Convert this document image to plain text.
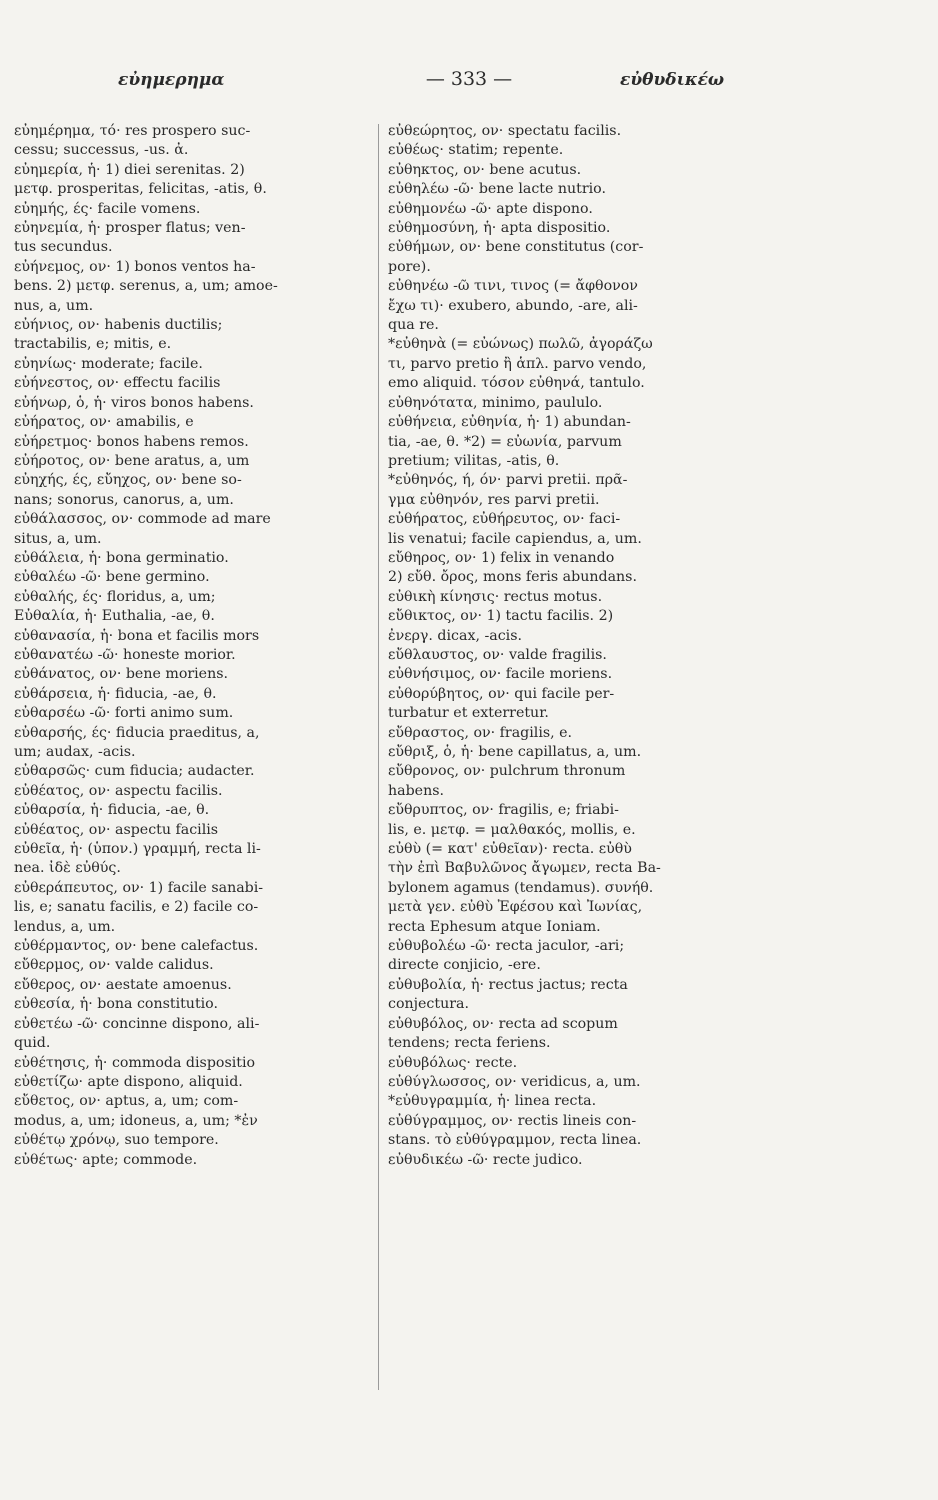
εὐημερημα	— 333 —	εὐθυδικέω
εὐημέρημα, τό· res prospero suc-
cessu; successus, -us. ἀ.
εὐημερία, ἡ· 1) diei serenitas. 2)
μετφ. prosperitas, felicitas, -atis, θ.
εὐημής, ές· facile vomens.
εὐηνεμία, ἡ· prosper flatus; ven-
tus secundus.
εὐήνεμος, ον· 1) bonos ventos ha-
bens. 2) μετφ. serenus, a, um; amoe-
nus, a, um.
εὐήνιος, ον· habenis ductilis;
tractabilis, e; mitis, e.
εὐηνίως· moderate; facile.
εὐήνεστος, ον· effectu facilis
εὐήνωρ, ὁ, ἡ· viros bonos habens.
εὐήρατος, ον· amabilis, e
εὐήρετμος· bonos habens remos.
εὐήροτος, ον· bene aratus, a, um
εὐηχής, ές, εὔηχος, ον· bene so-
nans; sonorus, canorus, a, um.
εὐθάλασσος, ον· commode ad mare
situs, a, um.
εὐθάλεια, ἡ· bona germinatio.
εὐθαλέω -ῶ· bene germino.
εὐθαλής, ές· floridus, a, um;
Εὐθαλία, ἡ· Euthalia, -ae, θ.
εὐθανασία, ἡ· bona et facilis mors
εὐθανατέω -ῶ· honeste morior.
εὐθάνατος, ον· bene moriens.
εὐθάρσεια, ἡ· fiducia, -ae, θ.
εὐθαρσέω -ῶ· forti animo sum.
εὐθαρσής, ές· fiducia praeditus, a,
um; audax, -acis.
εὐθαρσῶς· cum fiducia; audacter.
εὐθέατος, ον· aspectu facilis.
εὐθαρσία, ἡ· fiducia, -ae, θ.
εὐθέατος, ον· aspectu facilis
εὐθεῖα, ἡ· (ὑπον.) γραμμή, recta li-
nea. ἰδὲ εὐθύς.
εὐθεράπευτος, ον· 1) facile sanabi-
lis, e; sanatu facilis, e 2) facile co-
lendus, a, um.
εὐθέρμαντος, ον· bene calefactus.
εὔθερμος, ον· valde calidus.
εὔθερος, ον· aestate amoenus.
εὐθεσία, ἡ· bona constitutio.
εὐθετέω -ῶ· concinne dispono, ali-
quid.
εὐθέτησις, ἡ· commoda dispositio
εὐθετίζω· apte dispono, aliquid.
εὔθετος, ον· aptus, a, um; com-
modus, a, um; idoneus, a, um; *ἐν
εὐθέτῳ χρόνῳ, suo tempore.
εὐθέτως· apte; commode.
εὐθεώρητος, ον· spectatu facilis.
εὐθέως· statim; repente.
εὐθηκτος, ον· bene acutus.
εὐθηλέω -ῶ· bene lacte nutrio.
εὐθημονέω -ῶ· apte dispono.
εὐθημοσύνη, ἡ· apta dispositio.
εὐθήμων, ον· bene constitutus (cor-
pore).
εὐθηνέω -ῶ τινι, τινος (= ἄφθονον
ἔχω τι)· exubero, abundo, -are, ali-
qua re.
*εὐθηνὰ (= εὐώνως) πωλῶ, ἀγοράζω
τι, parvo pretio ἢ ἁπλ. parvo vendo,
emo aliquid. τόσον εὐθηνά, tantulo.
εὐθηνότατα, minimo, paululo.
εὐθήνεια, εὐθηνία, ἡ· 1) abundan-
tia, -ae, θ. *2) = εὐωνία, parvum
pretium; vilitas, -atis, θ.
*εὐθηνός, ή, όν· parvi pretii. πρᾶ-
γμα εὐθηνόν, res parvi pretii.
εὐθήρατος, εὐθήρευτος, ον· faci-
lis venatui; facile capiendus, a, um.
εὔθηρος, ον· 1) felix in venando
2) εὔθ. ὄρος, mons feris abundans.
εὐθικὴ κίνησις· rectus motus.
εὔθικτος, ον· 1) tactu facilis. 2)
ἐνεργ. dicax, -acis.
εὔθλαυστος, ον· valde fragilis.
εὐθνήσιμος, ον· facile moriens.
εὐθορύβητος, ον· qui facile per-
turbatur et exterretur.
εὔθραστος, ον· fragilis, e.
εὔθριξ, ὁ, ἡ· bene capillatus, a, um.
εὔθρονος, ον· pulchrum thronum
habens.
εὔθρυπτος, ον· fragilis, e; friabi-
lis, e. μετφ. = μαλθακός, mollis, e.
εὐθὺ (= κατ' εὐθεῖαν)· recta. εὐθὺ
τὴν ἐπὶ Βαβυλῶνος ἄγωμεν, recta Ba-
bylonem agamus (tendamus). συνήθ.
μετὰ γεν. εὐθὺ Ἐφέσου καὶ Ἰωνίας,
recta Ephesum atque Ioniam.
εὐθυβολέω -ῶ· recta jaculor, -ari;
directe conjicio, -ere.
εὐθυβολία, ἡ· rectus jactus; recta
conjectura.
εὐθυβόλος, ον· recta ad scopum
tendens; recta feriens.
εὐθυβόλως· recte.
εὐθύγλωσσος, ον· veridicus, a, um.
*εὐθυγραμμία, ἡ· linea recta.
εὐθύγραμμος, ον· rectis lineis con-
stans. τὸ εὐθύγραμμον, recta linea.
εὐθυδικέω -ῶ· recte judico.
